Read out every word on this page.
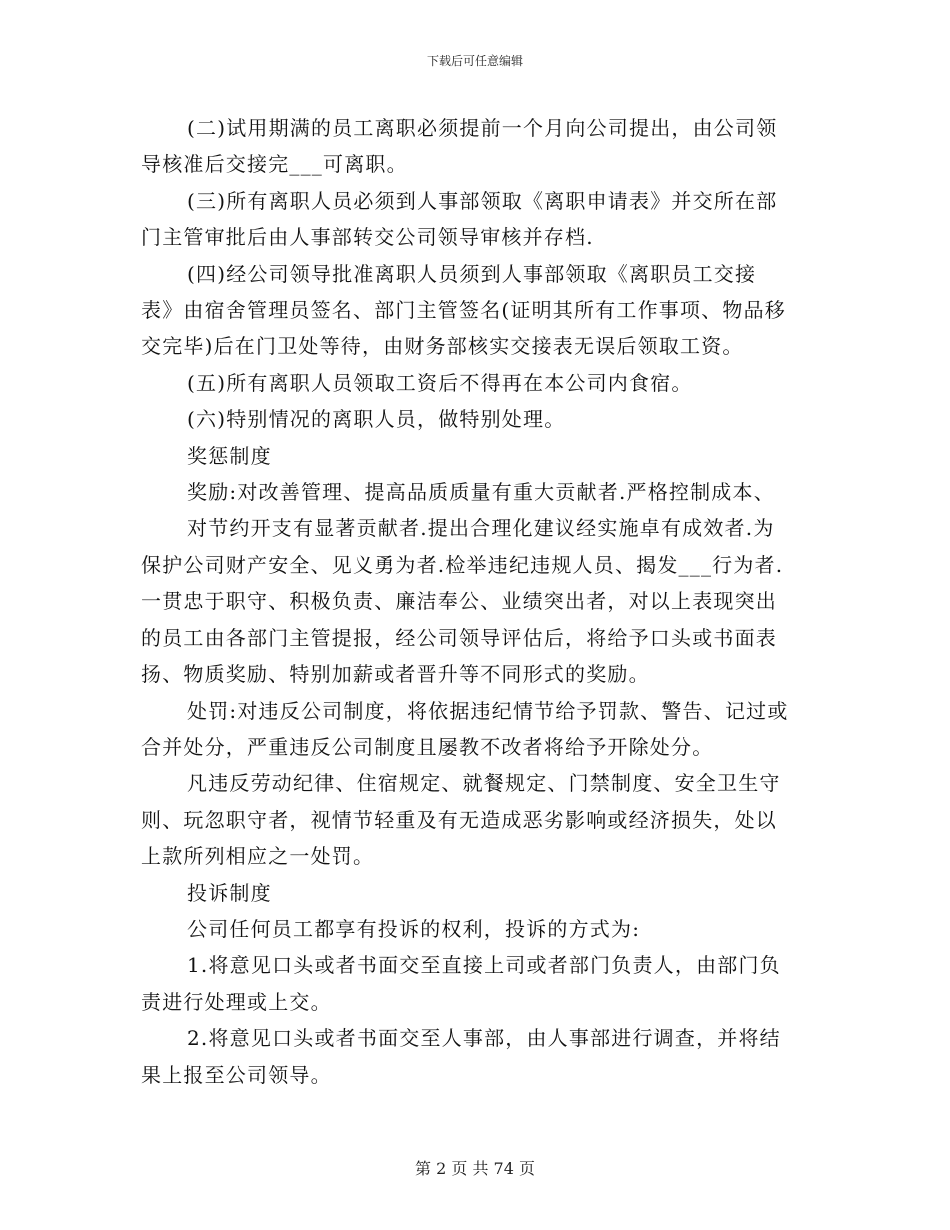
下载后可任意编辑

(二)试用期满的员工离职必须提前一个月向公司提出，由公司领

导核准后交接完___可离职。

(三)所有离职人员必须到人事部领取《离职申请表》并交所在部

门主管审批后由人事部转交公司领导审核并存档.

(四)经公司领导批准离职人员须到人事部领取《离职员工交接

表》由宿舍管理员签名、部门主管签名(证明其所有工作事项、物品移

交完毕)后在门卫处等待，由财务部核实交接表无误后领取工资。

(五)所有离职人员领取工资后不得再在本公司内食宿。

(六)特别情况的离职人员，做特别处理。

奖惩制度

奖励:对改善管理、提高品质质量有重大贡献者.严格控制成本、

对节约开支有显著贡献者.提出合理化建议经实施卓有成效者.为

保护公司财产安全、见义勇为者.检举违纪违规人员、揭发___行为者.

一贯忠于职守、积极负责、廉洁奉公、业绩突出者，对以上表现突出

的员工由各部门主管提报，经公司领导评估后，将给予口头或书面表

扬、物质奖励、特别加薪或者晋升等不同形式的奖励。

处罚:对违反公司制度，将依据违纪情节给予罚款、警告、记过或

合并处分，严重违反公司制度且屡教不改者将给予开除处分。

凡违反劳动纪律、住宿规定、就餐规定、门禁制度、安全卫生守

则、玩忽职守者，视情节轻重及有无造成恶劣影响或经济损失，处以

上款所列相应之一处罚。

投诉制度

公司任何员工都享有投诉的权利，投诉的方式为:

1.将意见口头或者书面交至直接上司或者部门负责人，由部门负

责进行处理或上交。

2.将意见口头或者书面交至人事部，由人事部进行调查，并将结

果上报至公司领导。

第 2 页 共 74 页
